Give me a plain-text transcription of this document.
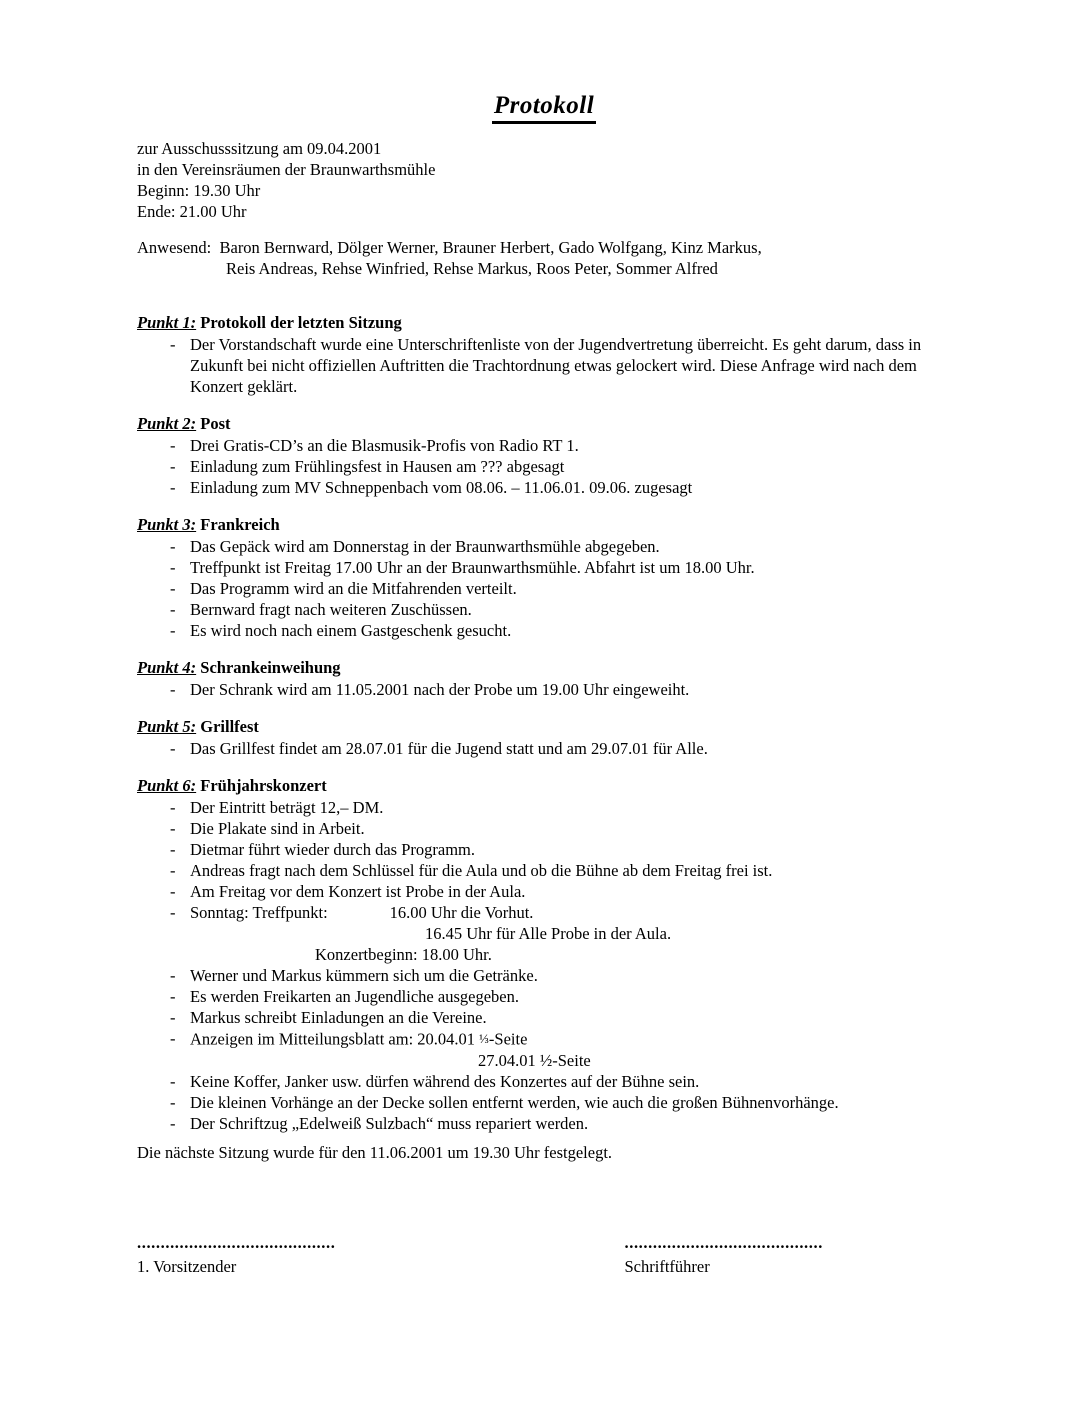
Protokoll
zur Ausschusssitzung am 09.04.2001
in den Vereinsräumen der Braunwarthsmühle
Beginn: 19.30 Uhr
Ende: 21.00 Uhr
Anwesend: Baron Bernward, Dölger Werner, Brauner Herbert, Gado Wolfgang, Kinz Markus,
Reis Andreas, Rehse Winfried, Rehse Markus, Roos Peter, Sommer Alfred
Punkt 1: Protokoll der letzten Sitzung
- Der Vorstandschaft wurde eine Unterschriftenliste von der Jugendvertretung überreicht. Es geht darum, dass in Zukunft bei nicht offiziellen Auftritten die Trachtordnung etwas gelockert wird. Diese Anfrage wird nach dem Konzert geklärt.
Punkt 2: Post
- Drei Gratis-CD’s an die Blasmusik-Profis von Radio RT 1.
- Einladung zum Frühlingsfest in Hausen am ??? abgesagt
- Einladung zum MV Schneppenbach vom 08.06. – 11.06.01. 09.06. zugesagt
Punkt 3: Frankreich
- Das Gepäck wird am Donnerstag in der Braunwarthsmühle abgegeben.
- Treffpunkt ist Freitag 17.00 Uhr an der Braunwarthsmühle. Abfahrt ist um 18.00 Uhr.
- Das Programm wird an die Mitfahrenden verteilt.
- Bernward fragt nach weiteren Zuschüssen.
- Es wird noch nach einem Gastgeschenk gesucht.
Punkt 4: Schrankeinweihung
- Der Schrank wird am 11.05.2001 nach der Probe um 19.00 Uhr eingeweiht.
Punkt 5: Grillfest
- Das Grillfest findet am 28.07.01 für die Jugend statt und am 29.07.01 für Alle.
Punkt 6: Frühjahrskonzert
- Der Eintritt beträgt 12,– DM.
- Die Plakate sind in Arbeit.
- Dietmar führt wieder durch das Programm.
- Andreas fragt nach dem Schlüssel für die Aula und ob die Bühne ab dem Freitag frei ist.
- Am Freitag vor dem Konzert ist Probe in der Aula.
- Sonntag: Treffpunkt:	16.00 Uhr die Vorhut.
16.45 Uhr für Alle Probe in der Aula.
Konzertbeginn: 18.00 Uhr.
- Werner und Markus kümmern sich um die Getränke.
- Es werden Freikarten an Jugendliche ausgegeben.
- Markus schreibt Einladungen an die Vereine.
- Anzeigen im Mitteilungsblatt am: 20.04.01 ⅓-Seite
27.04.01 ½-Seite
- Keine Koffer, Janker usw. dürfen während des Konzertes auf der Bühne sein.
- Die kleinen Vorhänge an der Decke sollen entfernt werden, wie auch die großen Bühnenvorhänge.
- Der Schriftzug „Edelweiß Sulzbach“ muss repariert werden.
Die nächste Sitzung wurde für den 11.06.2001 um 19.30 Uhr festgelegt.
..........................................
1. Vorsitzender
..........................................
Schriftführer
